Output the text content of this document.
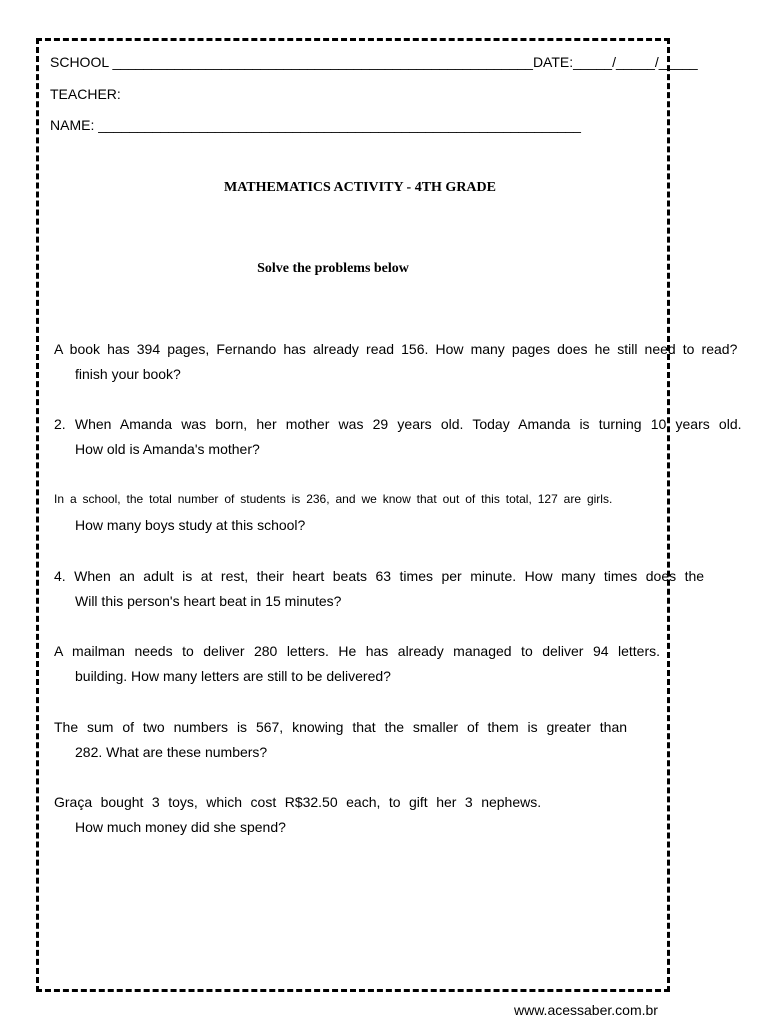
SCHOOL ______________________________________________________DATE:_____/_____/_____
TEACHER:
NAME: ______________________________________________________________
MATHEMATICS ACTIVITY - 4TH GRADE
Solve the problems below
A book has 394 pages, Fernando has already read 156. How many pages does he still need to read?
finish your book?
2. When Amanda was born, her mother was 29 years old. Today Amanda is turning 10 years old.
How old is Amanda's mother?
In a school, the total number of students is 236, and we know that out of this total, 127 are girls.
How many boys study at this school?
4. When an adult is at rest, their heart beats 63 times per minute. How many times does the
Will this person's heart beat in 15 minutes?
A mailman needs to deliver 280 letters. He has already managed to deliver 94 letters.
building. How many letters are still to be delivered?
The sum of two numbers is 567, knowing that the smaller of them is greater than
282. What are these numbers?
Graça bought 3 toys, which cost R$32.50 each, to gift her 3 nephews.
How much money did she spend?
www.acessaber.com.br
